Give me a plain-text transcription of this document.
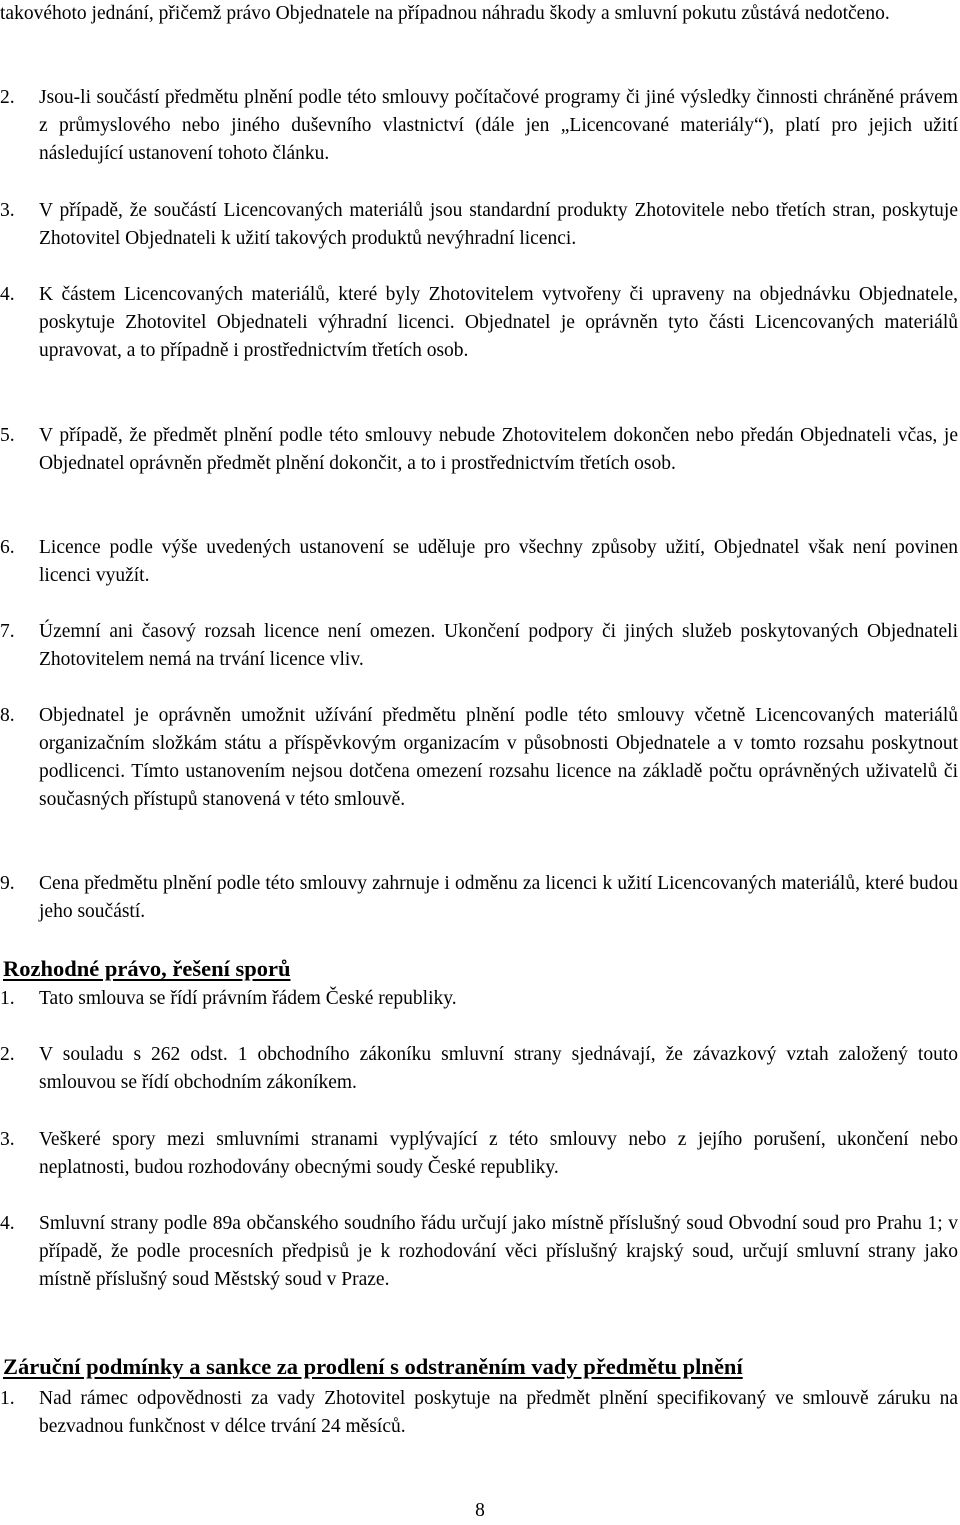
takovéhoto jednání, přičemž právo Objednatele na případnou náhradu škody a smluvní pokutu zůstává nedotčeno.
2.	Jsou-li součástí předmětu plnění podle této smlouvy počítačové programy či jiné výsledky činnosti chráněné právem z průmyslového nebo jiného duševního vlastnictví (dále jen „Licencované materiály“), platí pro jejich užití následující ustanovení tohoto článku.
3.	V případě, že součástí Licencovaných materiálů jsou standardní produkty Zhotovitele nebo třetích stran, poskytuje Zhotovitel Objednateli k užití takových produktů nevýhradní licenci.
4.	K částem Licencovaných materiálů, které byly Zhotovitelem vytvořeny či upraveny na objednávku Objednatele, poskytuje Zhotovitel Objednateli výhradní licenci. Objednatel je oprávněn tyto části Licencovaných materiálů upravovat, a to případně i prostřednictvím třetích osob.
5.	V případě, že předmět plnění podle této smlouvy nebude Zhotovitelem dokončen nebo předán Objednateli včas, je Objednatel oprávněn předmět plnění dokončit, a to i prostřednictvím třetích osob.
6.	Licence podle výše uvedených ustanovení se uděluje pro všechny způsoby užití, Objednatel však není povinen licenci využít.
7.	Územní ani časový rozsah licence není omezen. Ukončení podpory či jiných služeb poskytovaných Objednateli Zhotovitelem nemá na trvání licence vliv.
8.	Objednatel je oprávněn umožnit užívání předmětu plnění podle této smlouvy včetně Licencovaných materiálů organizačním složkám státu a příspěvkovým organizacím v působnosti Objednatele a v tomto rozsahu poskytnout podlicenci. Tímto ustanovením nejsou dotčena omezení rozsahu licence na základě počtu oprávněných uživatelů či současných přístupů stanovená v této smlouvě.
9.	Cena předmětu plnění podle této smlouvy zahrnuje i odměnu za licenci k užití Licencovaných materiálů, které budou jeho součástí.
Rozhodné právo, řešení sporů
1.	Tato smlouva se řídí právním řádem České republiky.
2.	V souladu s 262 odst. 1 obchodního zákoníku smluvní strany sjednávají, že závazkový vztah založený touto smlouvou se řídí obchodním zákoníkem.
3.	Veškeré spory mezi smluvními stranami vyplývající z této smlouvy nebo z jejího porušení, ukončení nebo neplatnosti, budou rozhodovány obecnými soudy České republiky.
4.	Smluvní strany podle 89a občanského soudního řádu určují jako místně příslušný soud Obvodní soud pro Prahu 1; v případě, že podle procesních předpisů je k rozhodování věci příslušný krajský soud, určují smluvní strany jako místně příslušný soud Městský soud v Praze.
Záruční podmínky a sankce za prodlení s odstraněním vady předmětu plnění
1.	Nad rámec odpovědnosti za vady Zhotovitel poskytuje na předmět plnění specifikovaný ve smlouvě záruku na bezvadnou funkčnost v délce trvání 24 měsíců.
8
